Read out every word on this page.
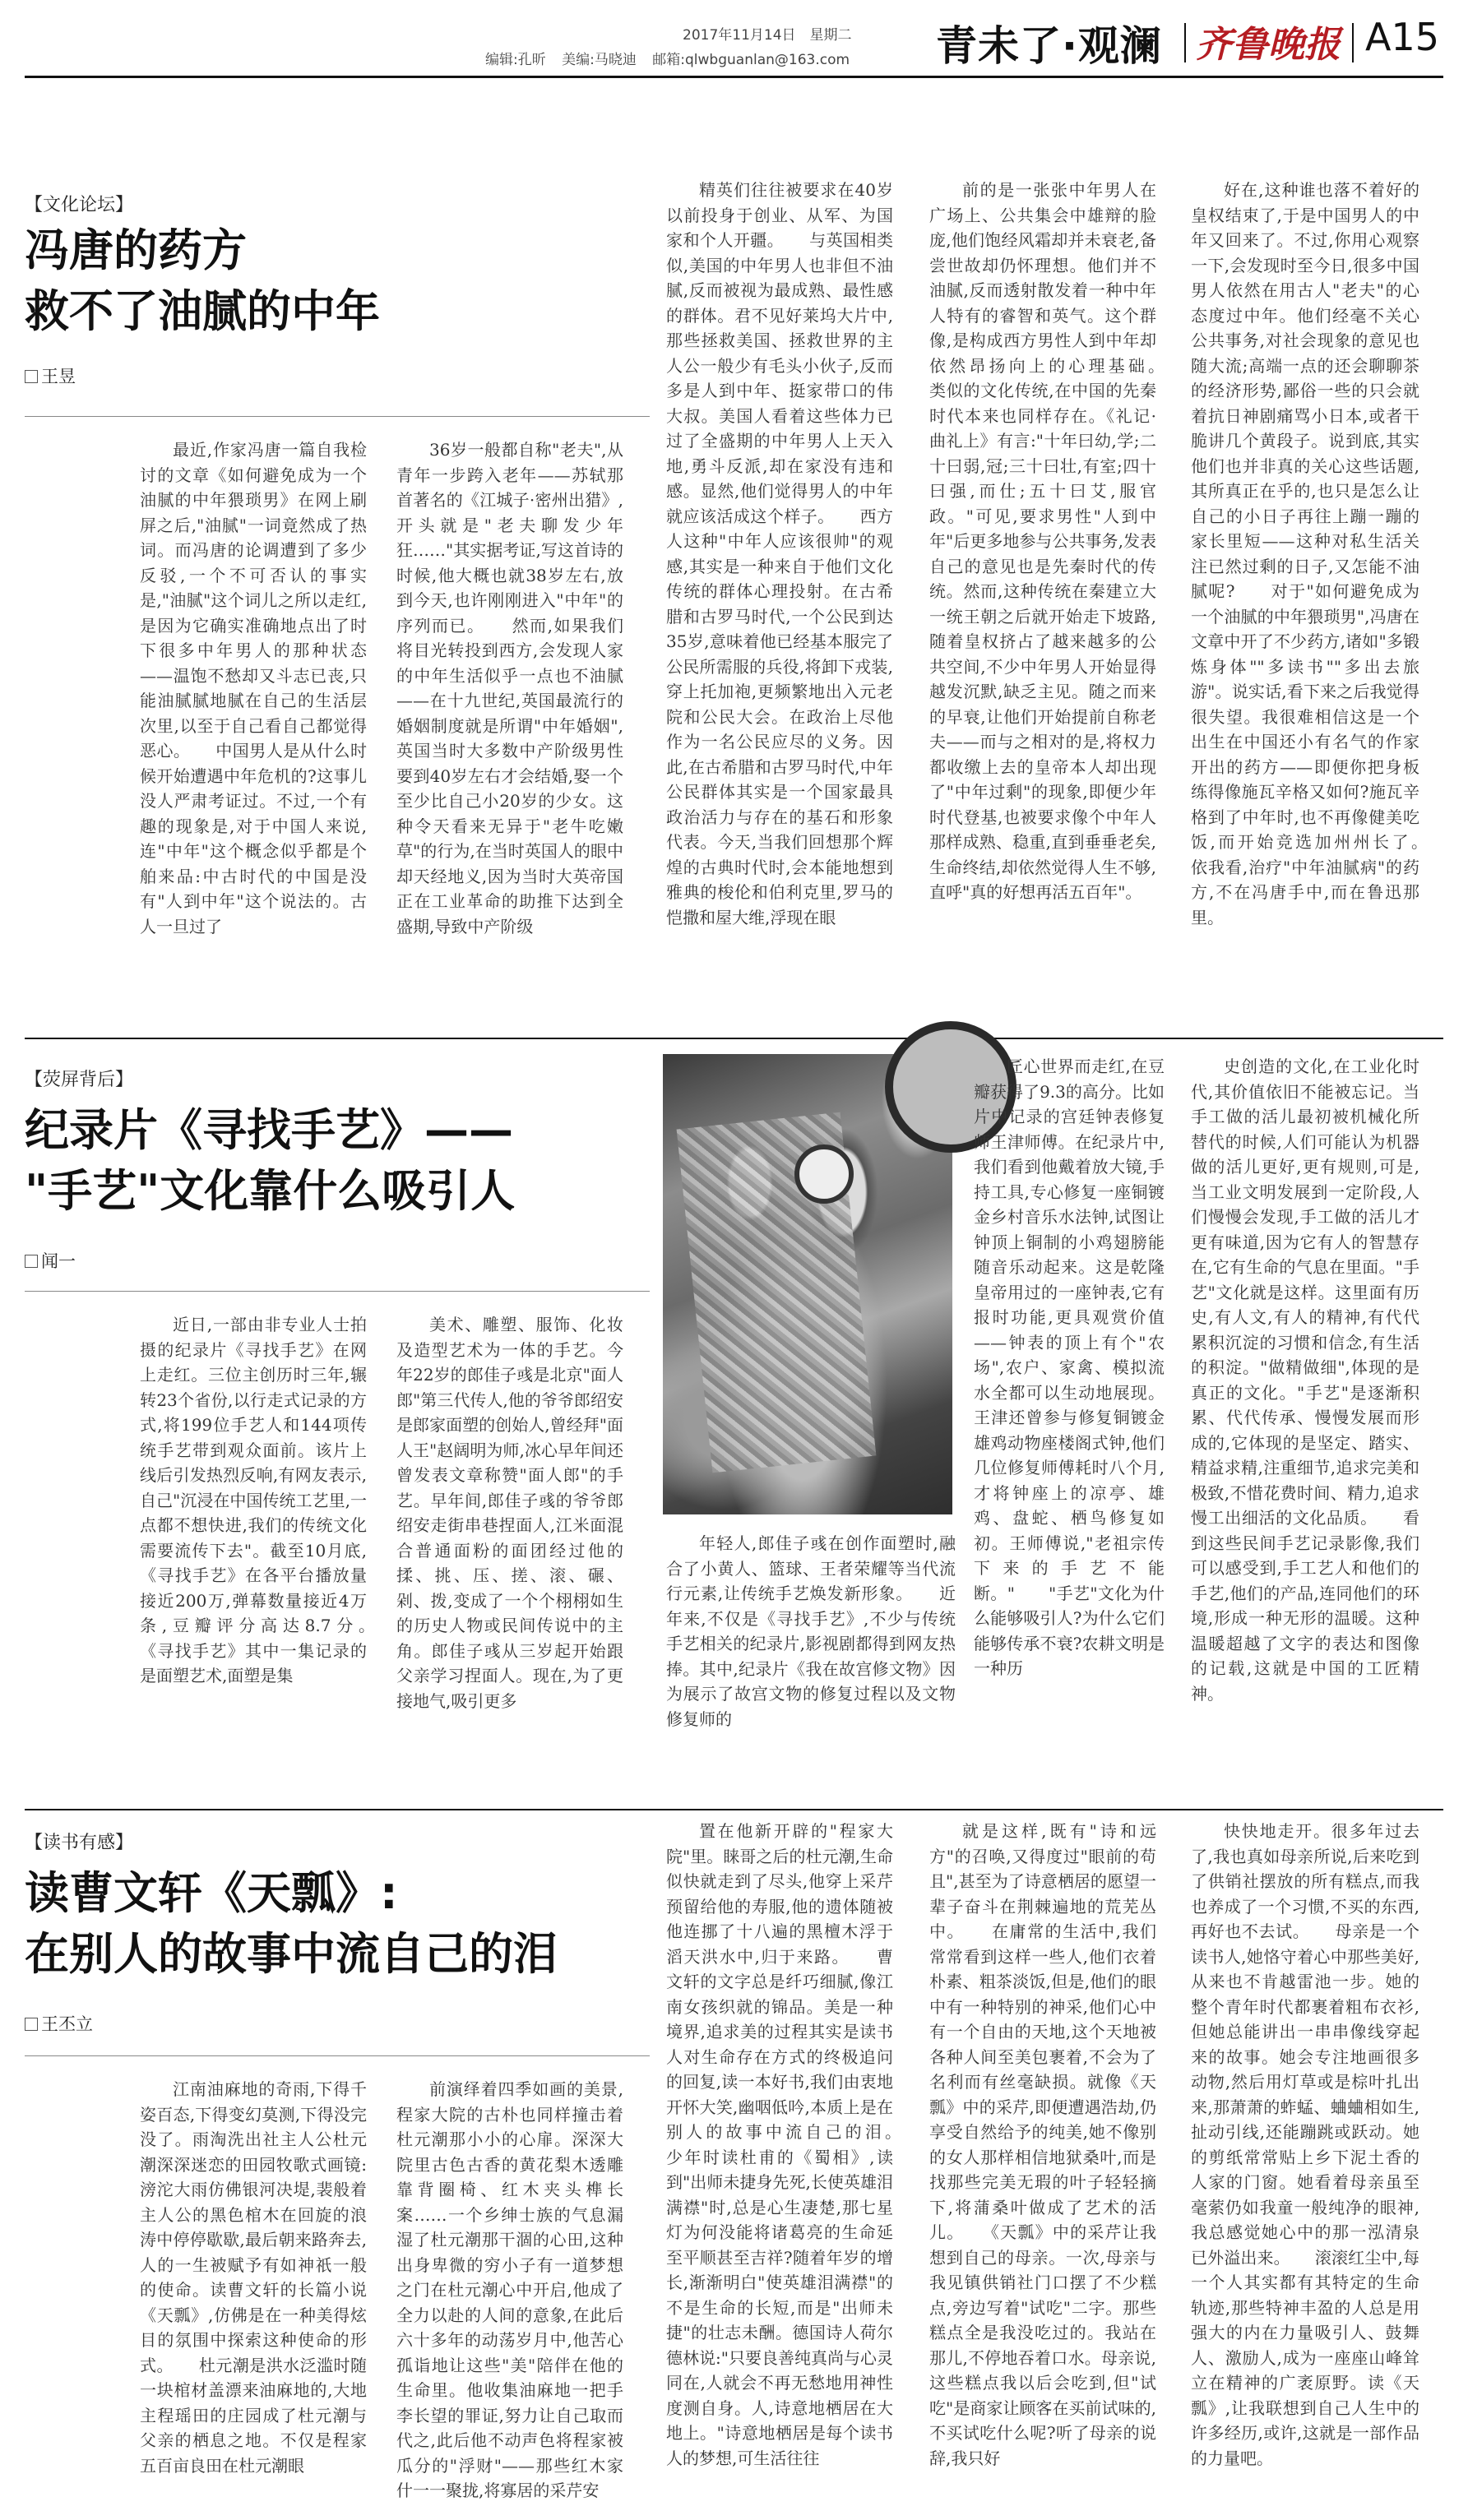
2017年11月14日　星期二
编辑:孔昕 美编:马晓迪 邮箱:qlwbguanlan@163.com 青未了·观澜 齐鲁晚报 A15
【文化论坛】
冯唐的药方
救不了油腻的中年
王昱

最近,作家冯唐一篇自我检讨的文章《如何避免成为一个油腻的中年猥琐男》在网上刷屏之后,"油腻"一词竟然成了热词。而冯唐的论调遭到了多少反驳,一个不可否认的事实是,"油腻"这个词儿之所以走红,是因为它确实准确地点出了时下很多中年男人的那种状态——温饱不愁却又斗志已丧,只能油腻腻地腻在自己的生活层次里,以至于自己看自己都觉得恶心。　　中国男人是从什么时候开始遭遇中年危机的?这事儿没人严肃考证过。不过,一个有趣的现象是,对于中国人来说,连"中年"这个概念似乎都是个舶来品:中古时代的中国是没有"人到中年"这个说法的。古人一旦过了

36岁一般都自称"老夫",从青年一步跨入老年——苏轼那首著名的《江城子·密州出猎》,开头就是"老夫聊发少年狂……"其实据考证,写这首诗的时候,他大概也就38岁左右,放到今天,也许刚刚进入"中年"的序列而已。　　然而,如果我们将目光转投到西方,会发现人家的中年生活似乎一点也不油腻——在十九世纪,英国最流行的婚姻制度就是所谓"中年婚姻",英国当时大多数中产阶级男性要到40岁左右才会结婚,娶一个至少比自己小20岁的少女。这种令天看来无异于"老牛吃嫩草"的行为,在当时英国人的眼中却天经地义,因为当时大英帝国正在工业革命的助推下达到全盛期,导致中产阶级

精英们往往被要求在40岁以前投身于创业、从军、为国家和个人开疆。　　与英国相类似,美国的中年男人也非但不油腻,反而被视为最成熟、最性感的群体。君不见好莱坞大片中,那些拯救美国、拯救世界的主人公一般少有毛头小伙子,反而多是人到中年、挺家带口的伟大叔。美国人看着这些体力已过了全盛期的中年男人上天入地,勇斗反派,却在家没有违和感。显然,他们觉得男人的中年就应该活成这个样子。　　西方人这种"中年人应该很帅"的观感,其实是一种来自于他们文化传统的群体心理投射。在古希腊和古罗马时代,一个公民到达35岁,意味着他已经基本服完了公民所需服的兵役,将卸下戎装,穿上托加袍,更频繁地出入元老院和公民大会。在政治上尽他作为一名公民应尽的义务。因此,在古希腊和古罗马时代,中年公民群体其实是一个国家最具政治活力与存在的基石和形象代表。今天,当我们回想那个辉煌的古典时代时,会本能地想到雅典的梭伦和伯利克里,罗马的恺撒和屋大维,浮现在眼

前的是一张张中年男人在广场上、公共集会中雄辩的脸庞,他们饱经风霜却并未衰老,备尝世故却仍怀理想。他们并不油腻,反而透射散发着一种中年人特有的睿智和英气。这个群像,是构成西方男性人到中年却依然昂扬向上的心理基础。　　类似的文化传统,在中国的先秦时代本来也同样存在。《礼记·曲礼上》有言:"十年曰幼,学;二十曰弱,冠;三十曰壮,有室;四十曰强,而仕;五十曰艾,服官政。"可见,要求男性"人到中年"后更多地参与公共事务,发表自己的意见也是先秦时代的传统。然而,这种传统在秦建立大一统王朝之后就开始走下坡路,随着皇权挤占了越来越多的公共空间,不少中年男人开始显得越发沉默,缺乏主见。随之而来的早衰,让他们开始提前自称老夫——而与之相对的是,将权力都收缴上去的皇帝本人却出现了"中年过剩"的现象,即便少年时代登基,也被要求像个中年人那样成熟、稳重,直到垂垂老矣,生命终结,却依然觉得人生不够,直呼"真的好想再活五百年"。

好在,这种谁也落不着好的皇权结束了,于是中国男人的中年又回来了。不过,你用心观察一下,会发现时至今日,很多中国男人依然在用古人"老夫"的心态度过中年。他们经毫不关心公共事务,对社会现象的意见也随大流;高端一点的还会聊聊茶的经济形势,鄙俗一些的只会就着抗日神剧痛骂小日本,或者干脆讲几个黄段子。说到底,其实他们也并非真的关心这些话题,其所真正在乎的,也只是怎么让自己的小日子再往上蹦一蹦的家长里短——这种对私生活关注已然过剩的日子,又怎能不油腻呢?　　对于"如何避免成为一个油腻的中年猥琐男",冯唐在文章中开了不少药方,诸如"多锻炼身体""多读书""多出去旅游"。说实话,看下来之后我觉得很失望。我很难相信这是一个出生在中国还小有名气的作家开出的药方——即便你把身板练得像施瓦辛格又如何?施瓦辛格到了中年时,也不再像健美吃饭,而开始竞选加州州长了。　　依我看,治疗"中年油腻病"的药方,不在冯唐手中,而在鲁迅那里。

【荧屏背后】
纪录片《寻找手艺》——
"手艺"文化靠什么吸引人
闻一

近日,一部由非专业人士拍摄的纪录片《寻找手艺》在网上走红。三位主创历时三年,辗转23个省份,以行走式记录的方式,将199位手艺人和144项传统手艺带到观众面前。该片上线后引发热烈反响,有网友表示,自己"沉浸在中国传统工艺里,一点都不想快进,我们的传统文化需要流传下去"。截至10月底,《寻找手艺》在各平台播放量接近200万,弹幕数量接近4万条,豆瓣评分高达8.7分。　　《寻找手艺》其中一集记录的是面塑艺术,面塑是集

美术、雕塑、服饰、化妆及造型艺术为一体的手艺。今年22岁的郎佳子彧是北京"面人郎"第三代传人,他的爷爷郎绍安是郎家面塑的创始人,曾经拜"面人王"赵阔明为师,冰心早年间还曾发表文章称赞"面人郎"的手艺。早年间,郎佳子彧的爷爷郎绍安走街串巷捏面人,江米面混合普通面粉的面团经过他的揉、挑、压、搓、滚、碾、剁、拨,变成了一个个栩栩如生的历史人物或民间传说中的主角。郎佳子彧从三岁起开始跟父亲学习捏面人。现在,为了更接地气,吸引更多

年轻人,郎佳子彧在创作面塑时,融合了小黄人、篮球、王者荣耀等当代流行元素,让传统手艺焕发新形象。　　近年来,不仅是《寻找手艺》,不少与传统手艺相关的纪录片,影视剧都得到网友热捧。其中,纪录片《我在故宫修文物》因为展示了故宫文物的修复过程以及文物修复师的

匠心世界而走红,在豆瓣获得了9.3的高分。比如片中记录的宫廷钟表修复师王津师傅。在纪录片中,我们看到他戴着放大镜,手持工具,专心修复一座铜镀金乡村音乐水法钟,试图让钟顶上铜制的小鸡翅膀能随音乐动起来。这是乾隆皇帝用过的一座钟表,它有报时功能,更具观赏价值——钟表的顶上有个"农场",农户、家禽、模拟流水全都可以生动地展现。王津还曾参与修复铜镀金雄鸡动物座楼阁式钟,他们几位修复师傅耗时八个月,才将钟座上的凉亭、雄鸡、盘蛇、栖鸟修复如初。王师傅说,"老祖宗传下来的手艺不能断。"　　"手艺"文化为什么能够吸引人?为什么它们能够传承不衰?农耕文明是一种历

史创造的文化,在工业化时代,其价值依旧不能被忘记。当手工做的活儿最初被机械化所替代的时候,人们可能认为机器做的活儿更好,更有规则,可是,当工业文明发展到一定阶段,人们慢慢会发现,手工做的活儿才更有味道,因为它有人的智慧存在,它有生命的气息在里面。"手艺"文化就是这样。这里面有历史,有人文,有人的精神,有代代累积沉淀的习惯和信念,有生活的积淀。"做精做细",体现的是真正的文化。"手艺"是逐渐积累、代代传承、慢慢发展而形成的,它体现的是坚定、踏实、精益求精,注重细节,追求完美和极致,不惜花费时间、精力,追求慢工出细活的文化品质。　　看到这些民间手艺记录影像,我们可以感受到,手工艺人和他们的手艺,他们的产品,连同他们的环境,形成一种无形的温暖。这种温暖超越了文字的表达和图像的记载,这就是中国的工匠精神。

【读书有感】
读曹文轩《天瓢》:
在别人的故事中流自己的泪
王丕立

江南油麻地的奇雨,下得千姿百态,下得变幻莫测,下得没完没了。雨淘洗出社主人公杜元潮深深迷恋的田园牧歌式画镜:滂沱大雨仿佛银河决堤,裴般着主人公的黑色棺木在回旋的浪涛中停停歇歇,最后朝来路奔去,人的一生被赋予有如神祇一般的使命。读曹文轩的长篇小说《天瓢》,仿佛是在一种美得炫目的氛围中探索这种使命的形式。　　杜元潮是洪水泛滥时随一块棺材盖漂来油麻地的,大地主程瑶田的庄园成了杜元潮与父亲的栖息之地。不仅是程家五百亩良田在杜元潮眼

前演绎着四季如画的美景,程家大院的古朴也同样撞击着杜元潮那小小的心扉。深深大院里古色古香的黄花梨木透雕靠背圈椅、红木夹头榫长案……一个乡绅士族的气息漏湿了杜元潮那干涸的心田,这种出身卑微的穷小子有一道梦想之门在杜元潮心中开启,他成了全力以赴的人间的意象,在此后六十多年的动荡岁月中,他苦心孤诣地让这些"美"陪伴在他的生命里。他收集油麻地一把手李长望的罪证,努力让自己取而代之,此后他不动声色将程家被瓜分的"浮财"——那些红木家什一一聚拢,将寡居的采芹安

置在他新开辟的"程家大院"里。睐哥之后的杜元潮,生命似快就走到了尽头,他穿上采芹预留给他的寿服,他的遗体随被他连挪了十八遍的黑檀木浮于滔天洪水中,归于来路。　　曹文轩的文字总是纤巧细腻,像江南女孩织就的锦品。美是一种境界,追求美的过程其实是读书人对生命存在方式的终极追问的回复,读一本好书,我们由衷地开怀大笑,幽咽低吟,本质上是在别人的故事中流自己的泪。　　少年时读杜甫的《蜀相》,读到"出师未捷身先死,长使英雄泪满襟"时,总是心生凄楚,那七星灯为何没能将诸葛亮的生命延至平顺甚至吉祥?随着年岁的增长,渐渐明白"使英雄泪满襟"的不是生命的长短,而是"出师未捷"的壮志未酬。德国诗人荷尔德林说:"只要良善纯真尚与心灵同在,人就会不再无愁地用神性度测自身。人,诗意地栖居在大地上。"诗意地栖居是每个读书人的梦想,可生活往往

就是这样,既有"诗和远方"的召唤,又得度过"眼前的苟且",甚至为了诗意栖居的愿望一辈子奋斗在荆棘遍地的荒芜丛中。　　在庸常的生活中,我们常常看到这样一些人,他们衣着朴素、粗茶淡饭,但是,他们的眼中有一种特别的神采,他们心中有一个自由的天地,这个天地被各种人间至美包裹着,不会为了名利而有丝毫缺损。就像《天瓢》中的采芹,即便遭遇浩劫,仍享受自然给予的纯美,她不像别的女人那样相信地狱桑叶,而是找那些完美无瑕的叶子轻轻摘下,将蒲桑叶做成了艺术的活儿。　　《天瓢》中的采芹让我想到自己的母亲。一次,母亲与我见镇供销社门口摆了不少糕点,旁边写着"试吃"二字。那些糕点全是我没吃过的。我站在那儿,不停地吞着口水。母亲说,这些糕点我以后会吃到,但"试吃"是商家让顾客在买前试味的,不买试吃什么呢?听了母亲的说辞,我只好

快快地走开。很多年过去了,我也真如母亲所说,后来吃到了供销社摆放的所有糕点,而我也养成了一个习惯,不买的东西,再好也不去试。　　母亲是一个读书人,她恪守着心中那些美好,从来也不肯越雷池一步。她的整个青年时代都裹着粗布衣衫,但她总能讲出一串串像线穿起来的故事。她会专注地画很多动物,然后用灯草或是棕叶扎出来,那萧萧的蚱蜢、蛐蛐相如生,扯动引线,还能蹦跳或跃动。她的剪纸常常贴上乡下泥土香的人家的门窗。她看着母亲虽至毫萦仍如我童一般纯净的眼神,我总感觉她心中的那一泓清泉已外溢出来。　　滚滚红尘中,每一个人其实都有其特定的生命轨迹,那些特神丰盈的人总是用强大的内在力量吸引人、鼓舞人、激励人,成为一座座山峰耸立在精神的广袤原野。读《天瓢》,让我联想到自己人生中的许多经历,或许,这就是一部作品的力量吧。
